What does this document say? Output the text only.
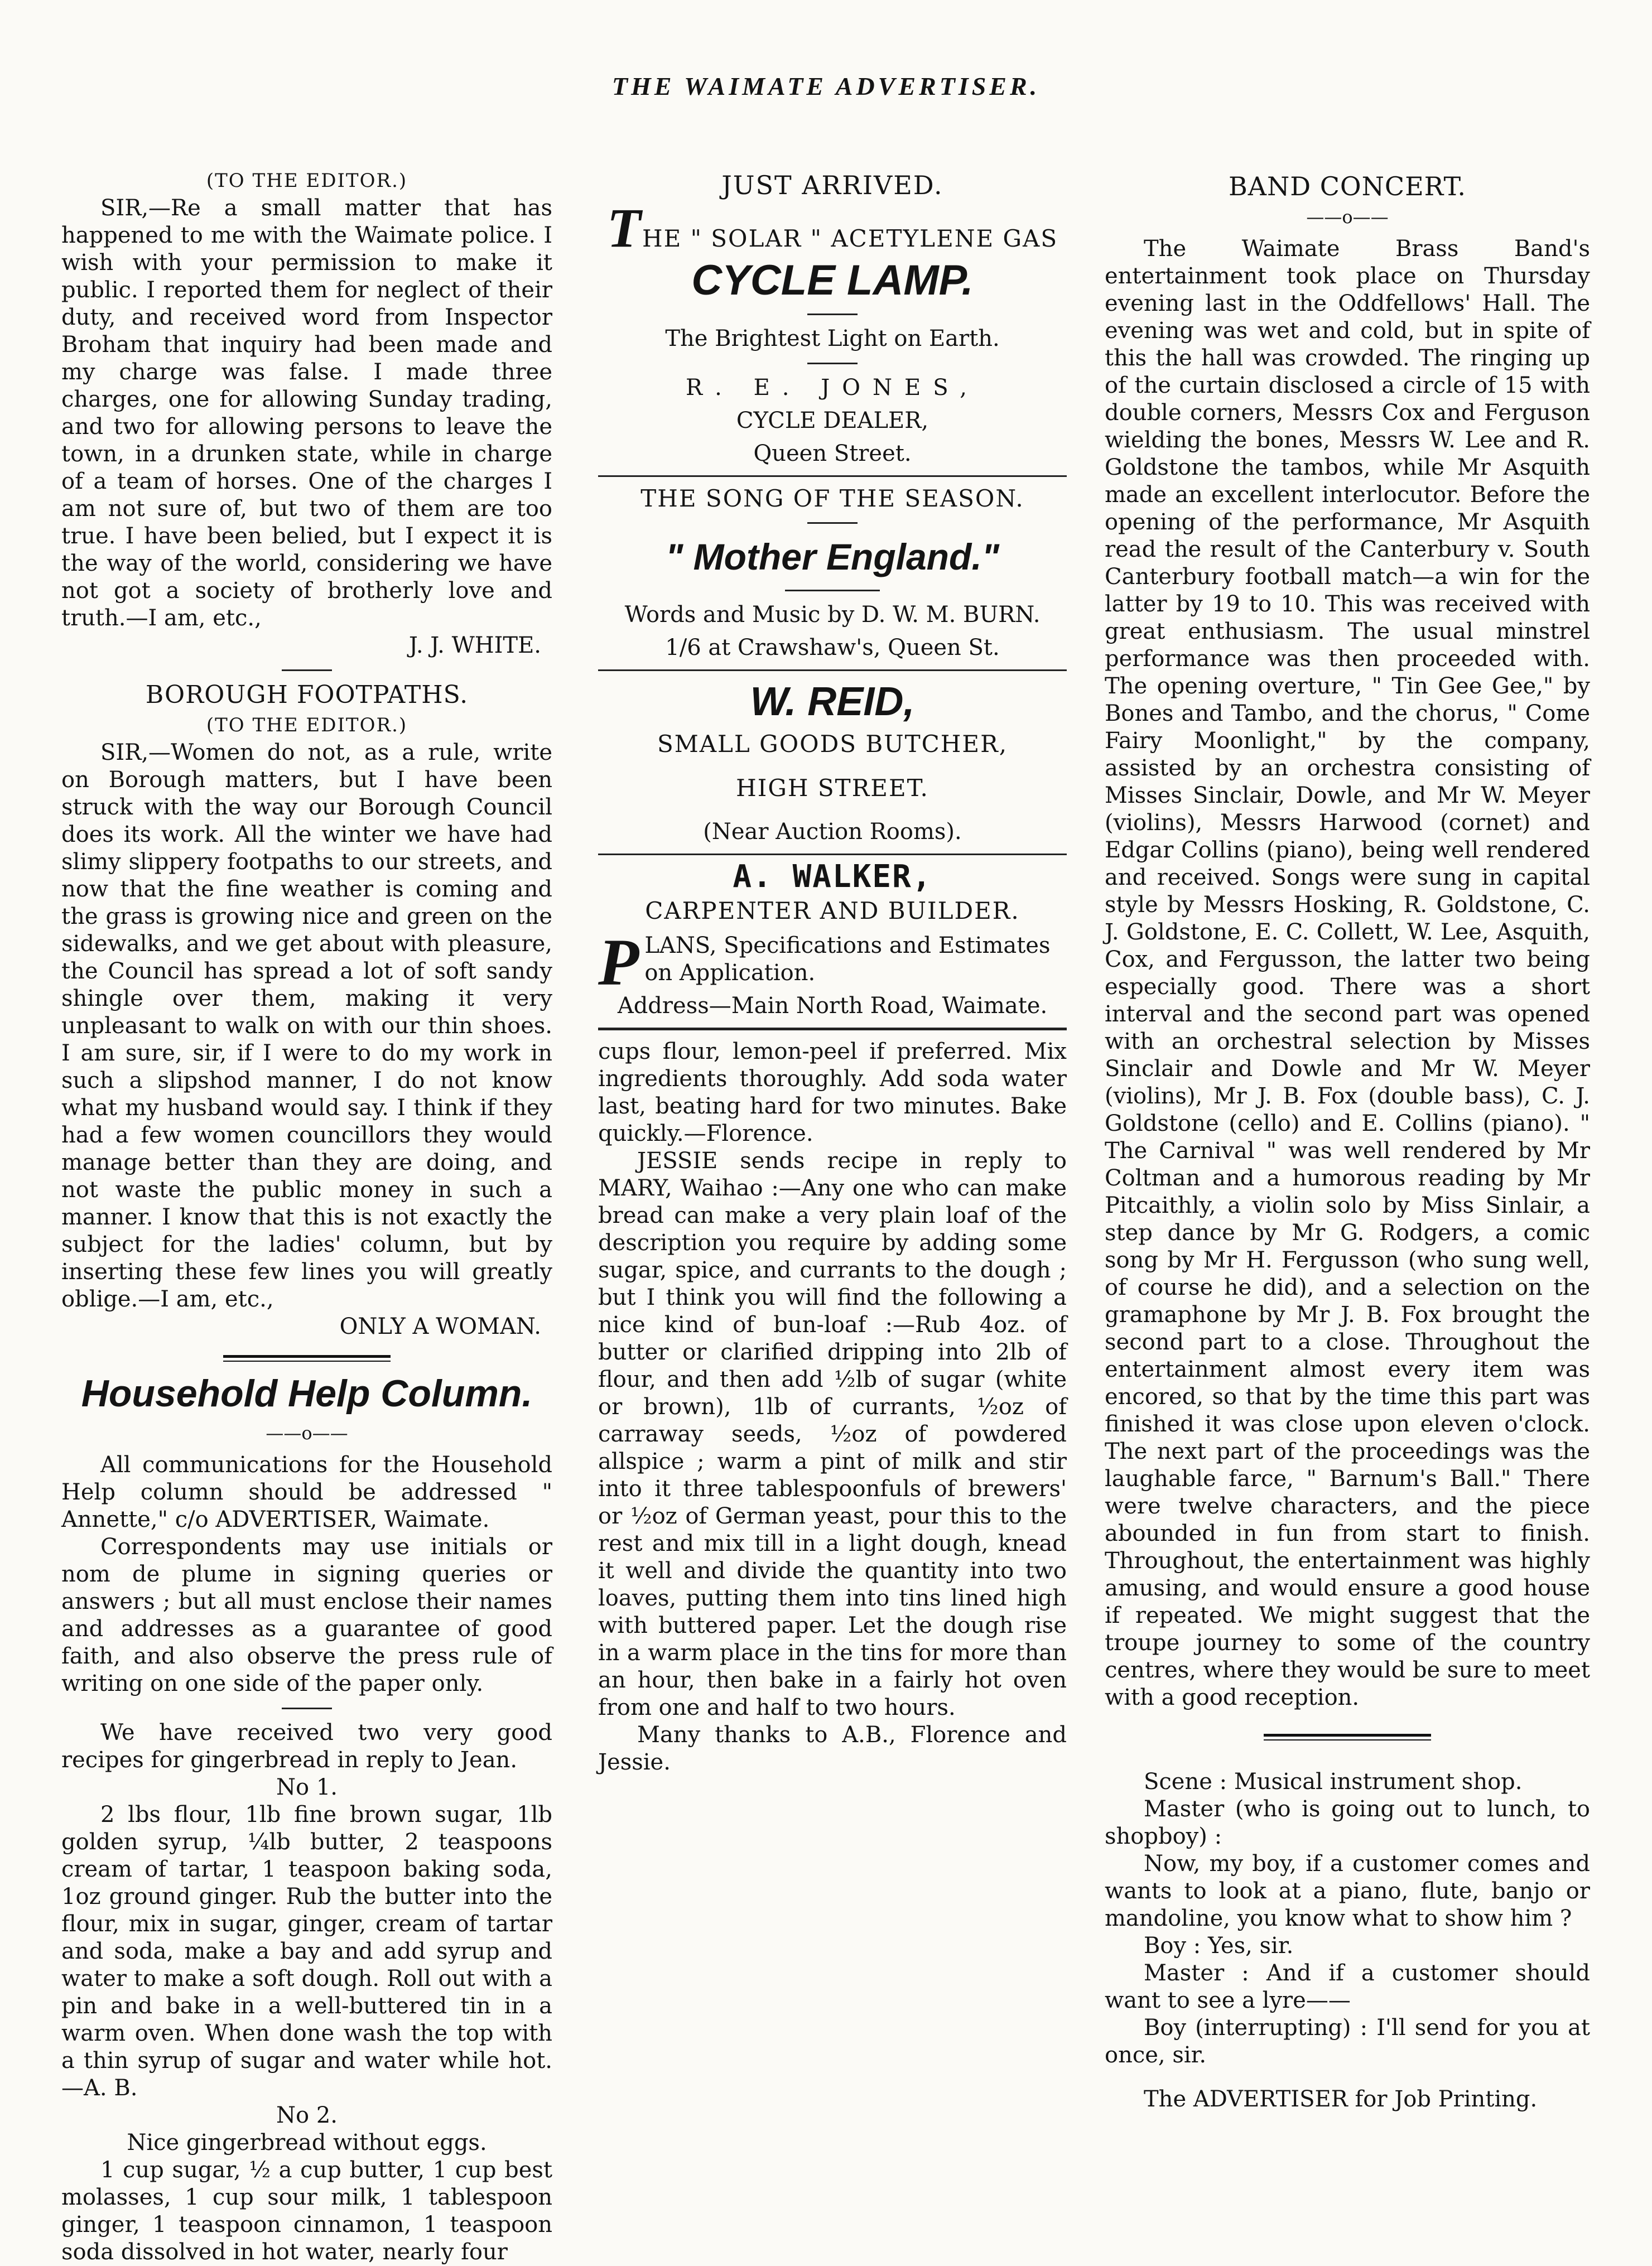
THE WAIMATE ADVERTISER.

(TO THE EDITOR.)

SIR,—Re a small matter that has happened to me with the Waimate police. I wish with your permission to make it public. I reported them for neglect of their duty, and received word from Inspector Broham that inquiry had been made and my charge was false. I made three charges, one for allowing Sunday trading, and two for allowing persons to leave the town, in a drunken state, while in charge of a team of horses. One of the charges I am not sure of, but two of them are too true. I have been belied, but I expect it is the way of the world, considering we have not got a society of brotherly love and truth.—I am, etc.,

J. J. WHITE.

BOROUGH FOOTPATHS.

(TO THE EDITOR.)

SIR,—Women do not, as a rule, write on Borough matters, but I have been struck with the way our Borough Council does its work. All the winter we have had slimy slippery footpaths to our streets, and now that the fine weather is coming and the grass is growing nice and green on the sidewalks, and we get about with pleasure, the Council has spread a lot of soft sandy shingle over them, making it very unpleasant to walk on with our thin shoes. I am sure, sir, if I were to do my work in such a slipshod manner, I do not know what my husband would say. I think if they had a few women councillors they would manage better than they are doing, and not waste the public money in such a manner. I know that this is not exactly the subject for the ladies' column, but by inserting these few lines you will greatly oblige.—I am, etc.,

ONLY A WOMAN.

Household Help Column.

——o——

All communications for the Household Help column should be addressed " Annette," c/o ADVERTISER, Waimate.

Correspondents may use initials or nom de plume in signing queries or answers ; but all must enclose their names and addresses as a guarantee of good faith, and also observe the press rule of writing on one side of the paper only.

We have received two very good recipes for gingerbread in reply to Jean.

No 1.

2 lbs flour, 1lb fine brown sugar, 1lb golden syrup, ¼lb butter, 2 teaspoons cream of tartar, 1 teaspoon baking soda, 1oz ground ginger. Rub the butter into the flour, mix in sugar, ginger, cream of tartar and soda, make a bay and add syrup and water to make a soft dough. Roll out with a pin and bake in a well-buttered tin in a warm oven. When done wash the top with a thin syrup of sugar and water while hot.—A. B.

No 2.

Nice gingerbread without eggs.

1 cup sugar, ½ a cup butter, 1 cup best molasses, 1 cup sour milk, 1 tablespoon ginger, 1 teaspoon cinnamon, 1 teaspoon soda dissolved in hot water, nearly four

JUST ARRIVED.

THE " SOLAR " ACETYLENE GAS

CYCLE LAMP.

The Brightest Light on Earth.

R. E. JONES,

CYCLE DEALER,

Queen Street.

THE SONG OF THE SEASON.

" Mother England."

Words and Music by D. W. M. BURN.

1/6 at Crawshaw's, Queen St.

W. REID,

SMALL GOODS BUTCHER,

HIGH STREET.

(Near Auction Rooms).

A. WALKER,

CARPENTER AND BUILDER.

PLANS, Specifications and Estimates on Application.

Address—Main North Road, Waimate.

cups flour, lemon-peel if preferred. Mix ingredients thoroughly. Add soda water last, beating hard for two minutes. Bake quickly.—Florence.

JESSIE sends recipe in reply to MARY, Waihao :—Any one who can make bread can make a very plain loaf of the description you require by adding some sugar, spice, and currants to the dough ; but I think you will find the following a nice kind of bun-loaf :—Rub 4oz. of butter or clarified dripping into 2lb of flour, and then add ½lb of sugar (white or brown), 1lb of currants, ½oz of carraway seeds, ½oz of powdered allspice ; warm a pint of milk and stir into it three tablespoonfuls of brewers' or ½oz of German yeast, pour this to the rest and mix till in a light dough, knead it well and divide the quantity into two loaves, putting them into tins lined high with buttered paper. Let the dough rise in a warm place in the tins for more than an hour, then bake in a fairly hot oven from one and half to two hours.

Many thanks to A.B., Florence and Jessie.

BAND CONCERT.

——o——

The Waimate Brass Band's entertainment took place on Thursday evening last in the Oddfellows' Hall. The evening was wet and cold, but in spite of this the hall was crowded. The ringing up of the curtain disclosed a circle of 15 with double corners, Messrs Cox and Ferguson wielding the bones, Messrs W. Lee and R. Goldstone the tambos, while Mr Asquith made an excellent interlocutor. Before the opening of the performance, Mr Asquith read the result of the Canterbury v. South Canterbury football match—a win for the latter by 19 to 10. This was received with great enthusiasm. The usual minstrel performance was then proceeded with. The opening overture, " Tin Gee Gee," by Bones and Tambo, and the chorus, " Come Fairy Moonlight," by the company, assisted by an orchestra consisting of Misses Sinclair, Dowle, and Mr W. Meyer (violins), Messrs Harwood (cornet) and Edgar Collins (piano), being well rendered and received. Songs were sung in capital style by Messrs Hosking, R. Goldstone, C. J. Goldstone, E. C. Collett, W. Lee, Asquith, Cox, and Fergusson, the latter two being especially good. There was a short interval and the second part was opened with an orchestral selection by Misses Sinclair and Dowle and Mr W. Meyer (violins), Mr J. B. Fox (double bass), C. J. Goldstone (cello) and E. Collins (piano). " The Carnival " was well rendered by Mr Coltman and a humorous reading by Mr Pitcaithly, a violin solo by Miss Sinlair, a step dance by Mr G. Rodgers, a comic song by Mr H. Fergusson (who sung well, of course he did), and a selection on the gramaphone by Mr J. B. Fox brought the second part to a close. Throughout the entertainment almost every item was encored, so that by the time this part was finished it was close upon eleven o'clock. The next part of the proceedings was the laughable farce, " Barnum's Ball." There were twelve characters, and the piece abounded in fun from start to finish. Throughout, the entertainment was highly amusing, and would ensure a good house if repeated. We might suggest that the troupe journey to some of the country centres, where they would be sure to meet with a good reception.

Scene : Musical instrument shop.

Master (who is going out to lunch, to shopboy) :

Now, my boy, if a customer comes and wants to look at a piano, flute, banjo or mandoline, you know what to show him ?

Boy : Yes, sir.

Master : And if a customer should want to see a lyre——

Boy (interrupting) : I'll send for you at once, sir.

The ADVERTISER for Job Printing.
